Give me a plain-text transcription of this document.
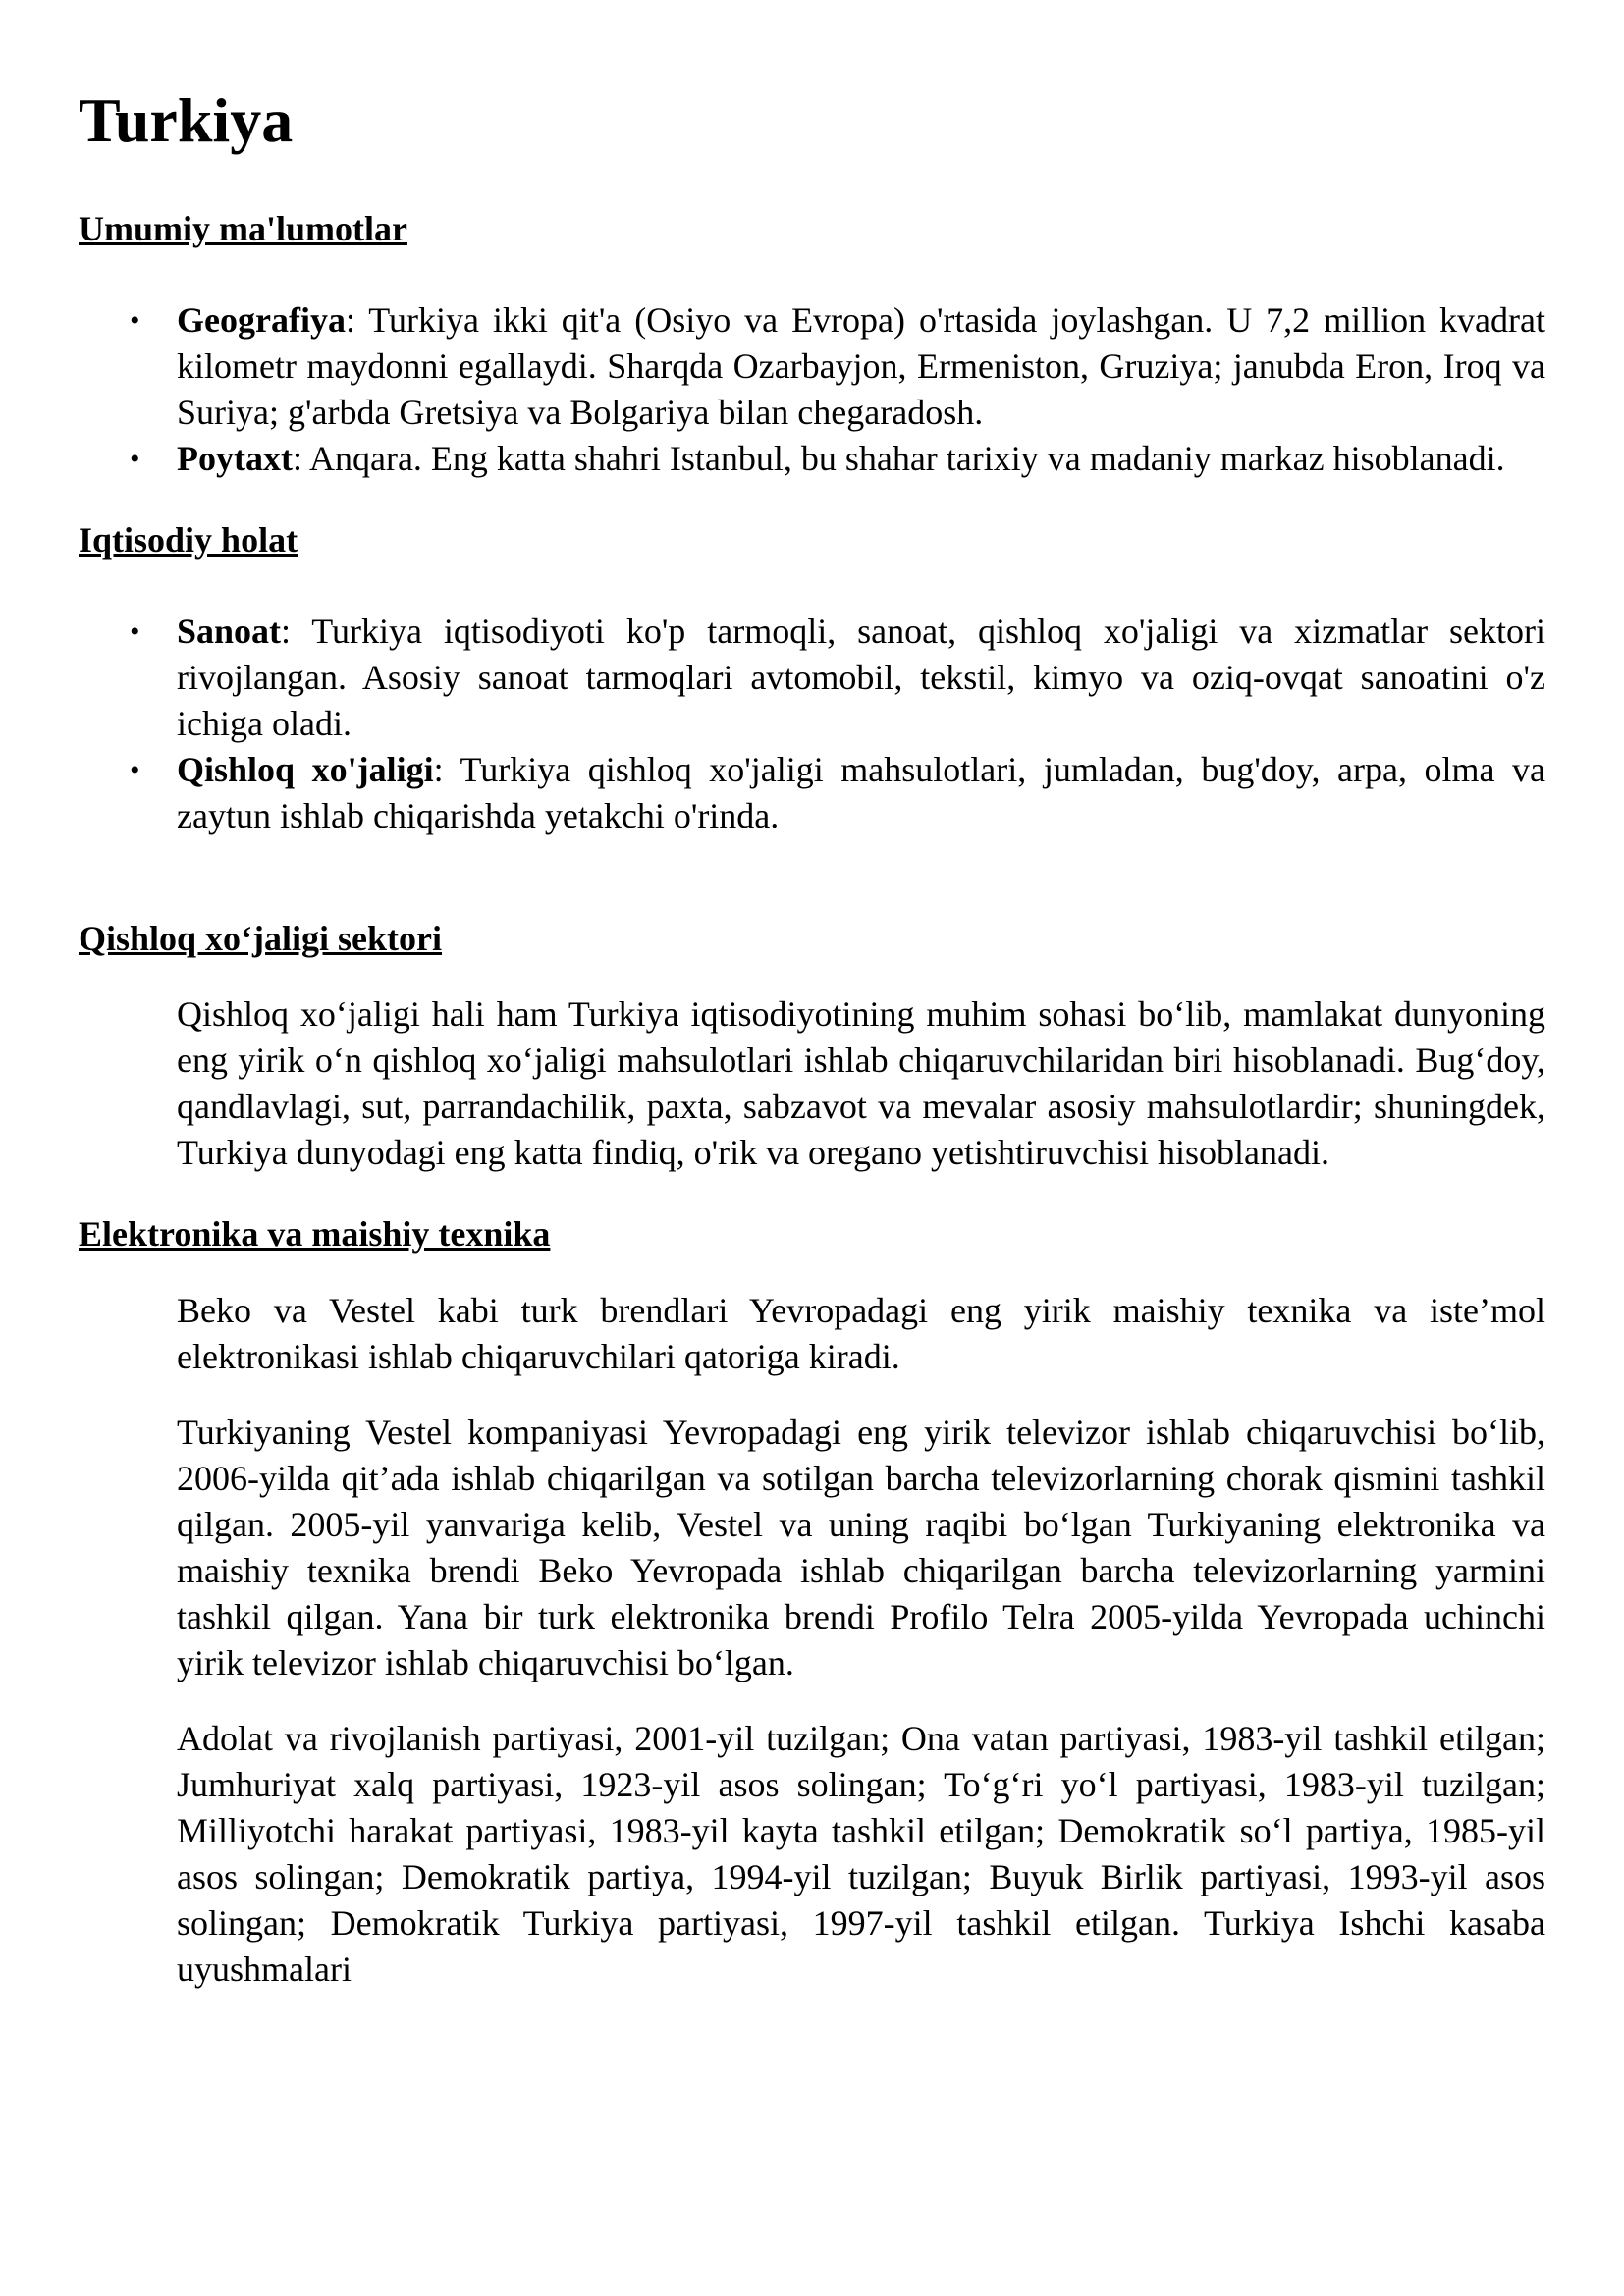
Turkiya
Umumiy ma'lumotlar
• Geografiya: Turkiya ikki qit'a (Osiyo va Evropa) o'rtasida joylashgan. U 7,2 million kvadrat kilometr maydonni egallaydi. Sharqda Ozarbayjon, Ermeniston, Gruziya; janubda Eron, Iroq va Suriya; g'arbda Gretsiya va Bolgariya bilan chegaradosh.
• Poytaxt: Anqara. Eng katta shahri Istanbul, bu shahar tarixiy va madaniy markaz hisoblanadi.
Iqtisodiy holat
• Sanoat: Turkiya iqtisodiyoti ko'p tarmoqli, sanoat, qishloq xo'jaligi va xizmatlar sektori rivojlangan. Asosiy sanoat tarmoqlari avtomobil, tekstil, kimyo va oziq-ovqat sanoatini o'z ichiga oladi.
• Qishloq xo'jaligi: Turkiya qishloq xo'jaligi mahsulotlari, jumladan, bug'doy, arpa, olma va zaytun ishlab chiqarishda yetakchi o'rinda.
Qishloq xo‘jaligi sektori

Qishloq xo‘jaligi hali ham Turkiya iqtisodiyotining muhim sohasi bo‘lib, mamlakat dunyoning eng yirik o‘n qishloq xo‘jaligi mahsulotlari ishlab chiqaruvchilaridan biri hisoblanadi. Bug‘doy, qandlavlagi, sut, parrandachilik, paxta, sabzavot va mevalar asosiy mahsulotlardir; shuningdek, Turkiya dunyodagi eng katta findiq, o'rik va oregano yetishtiruvchisi hisoblanadi.

Elektronika va maishiy texnika

Beko va Vestel kabi turk brendlari Yevropadagi eng yirik maishiy texnika va iste’mol elektronikasi ishlab chiqaruvchilari qatoriga kiradi.

Turkiyaning Vestel kompaniyasi Yevropadagi eng yirik televizor ishlab chiqaruvchisi bo‘lib, 2006-yilda qit’ada ishlab chiqarilgan va sotilgan barcha televizorlarning chorak qismini tashkil qilgan. 2005-yil yanvariga kelib, Vestel va uning raqibi bo‘lgan Turkiyaning elektronika va maishiy texnika brendi Beko Yevropada ishlab chiqarilgan barcha televizorlarning yarmini tashkil qilgan. Yana bir turk elektronika brendi Profilo Telra 2005-yilda Yevropada uchinchi yirik televizor ishlab chiqaruvchisi bo‘lgan.

Adolat va rivojlanish partiyasi, 2001-yil tuzilgan; Ona vatan partiyasi, 1983-yil tashkil etilgan; Jumhuriyat xalq partiyasi, 1923-yil asos solingan; To‘g‘ri yo‘l partiyasi, 1983-yil tuzilgan; Milliyotchi harakat partiyasi, 1983-yil kayta tashkil etilgan; Demokratik so‘l partiya, 1985-yil asos solingan; Demokratik partiya, 1994-yil tuzilgan; Buyuk Birlik partiyasi, 1993-yil asos solingan; Demokratik Turkiya partiyasi, 1997-yil tashkil etilgan. Turkiya Ishchi kasaba uyushmalari
